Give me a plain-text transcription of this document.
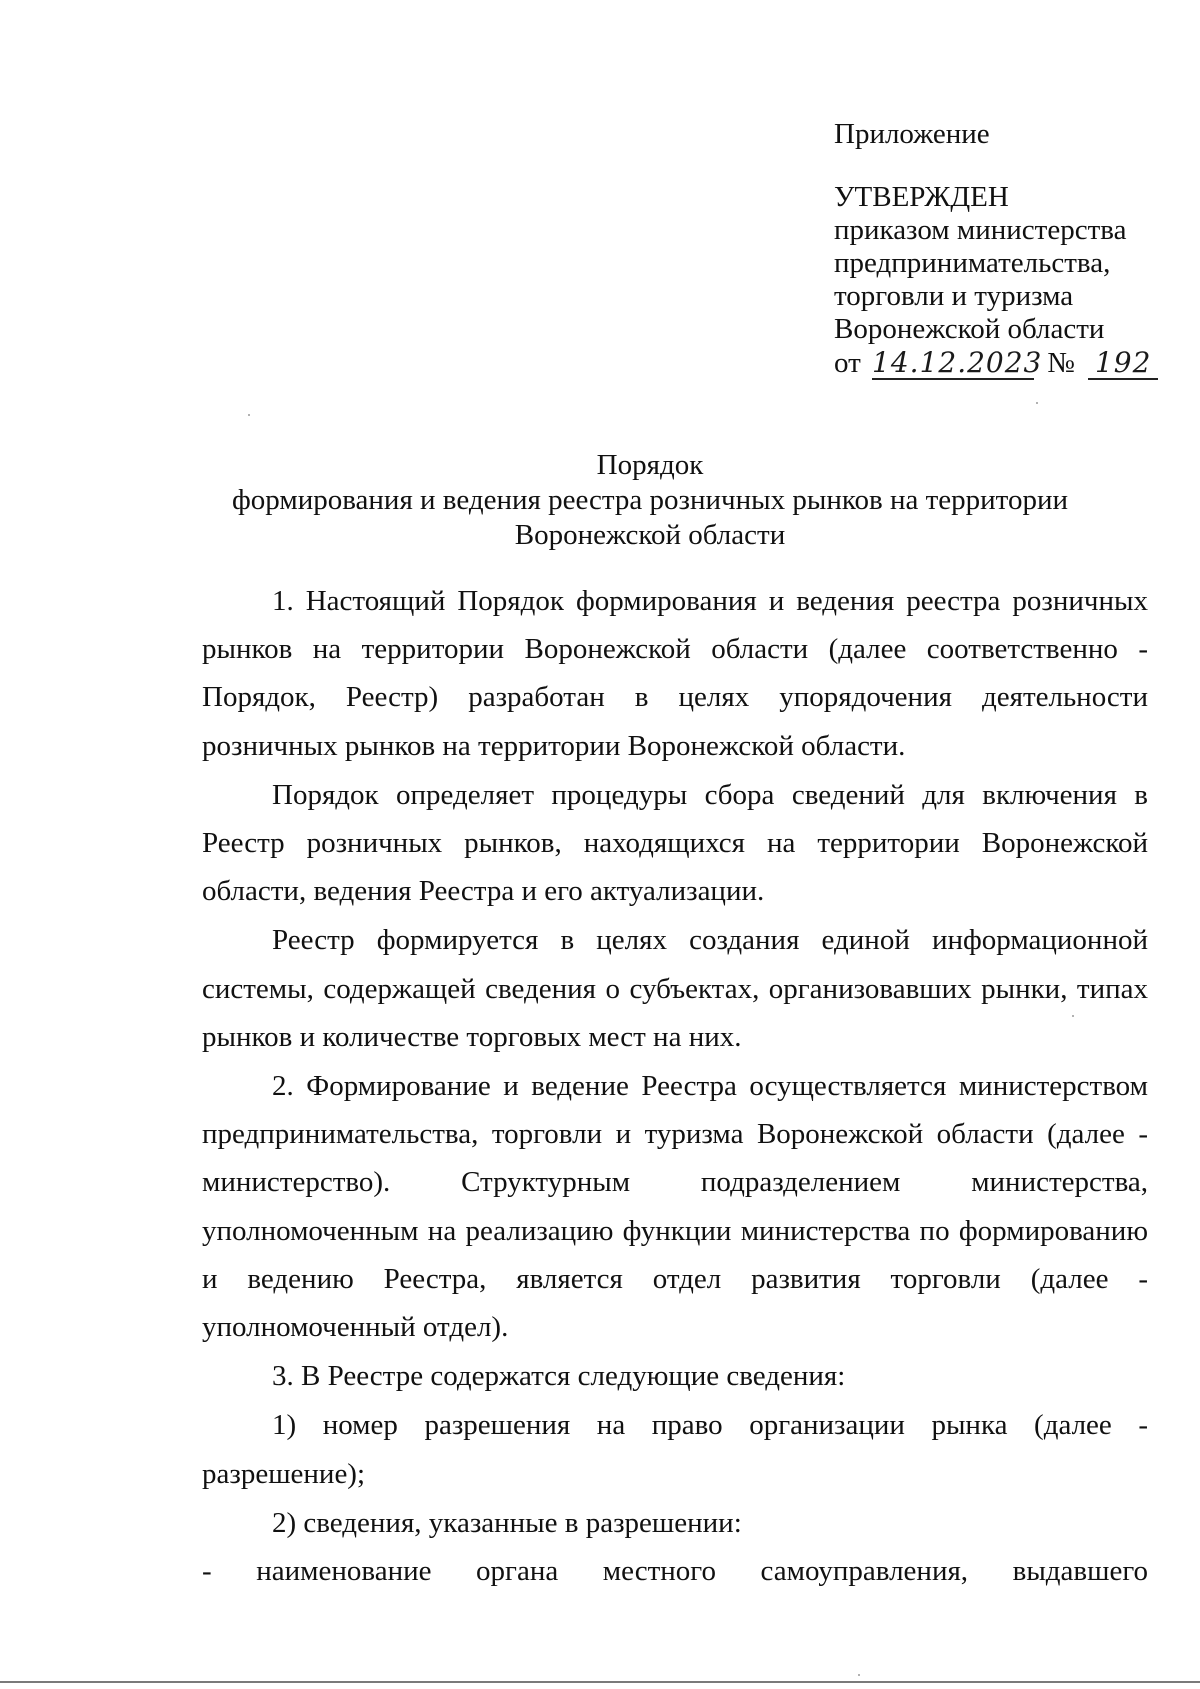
Приложение
УТВЕРЖДЕН
приказом министерства
предпринимательства,
торговли и туризма
Воронежской области
от 14.12.2023 № 192
Порядок
формирования и ведения реестра розничных рынков на территории
Воронежской области

1. Настоящий Порядок формирования и ведения реестра розничных рынков на территории Воронежской области (далее соответственно - Порядок, Реестр) разработан в целях упорядочения деятельности розничных рынков на территории Воронежской области.

Порядок определяет процедуры сбора сведений для включения в Реестр розничных рынков, находящихся на территории Воронежской области, ведения Реестра и его актуализации.

Реестр формируется в целях создания единой информационной системы, содержащей сведения о субъектах, организовавших рынки, типах рынков и количестве торговых мест на них.

2. Формирование и ведение Реестра осуществляется министерством предпринимательства, торговли и туризма Воронежской области (далее - министерство). Структурным подразделением министерства, уполномоченным на реализацию функции министерства по формированию и ведению Реестра, является отдел развития торговли (далее - уполномоченный отдел).

3. В Реестре содержатся следующие сведения:

1) номер разрешения на право организации рынка (далее - разрешение);

2) сведения, указанные в разрешении:

- наименование органа местного самоуправления, выдавшего
